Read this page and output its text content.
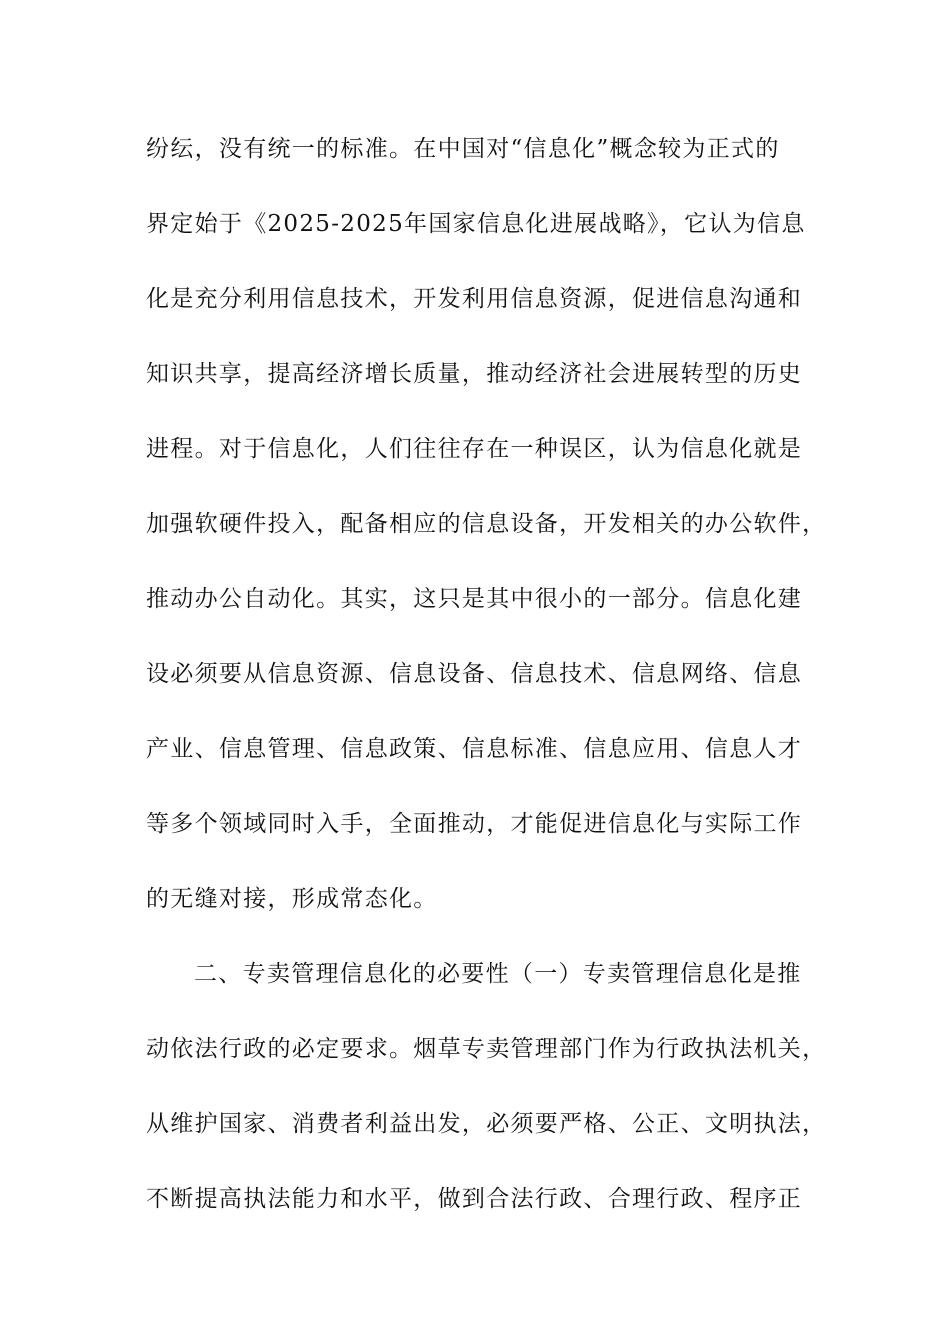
纷纭，没有统一的标准。在中国对“信息化”概念较为正式的
界定始于《2025-2025年国家信息化进展战略》，它认为信息
化是充分利用信息技术，开发利用信息资源，促进信息沟通和
知识共享，提高经济增长质量，推动经济社会进展转型的历史
进程。对于信息化，人们往往存在一种误区，认为信息化就是
加强软硬件投入，配备相应的信息设备，开发相关的办公软件，
推动办公自动化。其实，这只是其中很小的一部分。信息化建
设必须要从信息资源、信息设备、信息技术、信息网络、信息
产业、信息管理、信息政策、信息标准、信息应用、信息人才
等多个领域同时入手，全面推动，才能促进信息化与实际工作
的无缝对接，形成常态化。
二、专卖管理信息化的必要性（一）专卖管理信息化是推
动依法行政的必定要求。烟草专卖管理部门作为行政执法机关，
从维护国家、消费者利益出发，必须要严格、公正、文明执法，
不断提高执法能力和水平，做到合法行政、合理行政、程序正
